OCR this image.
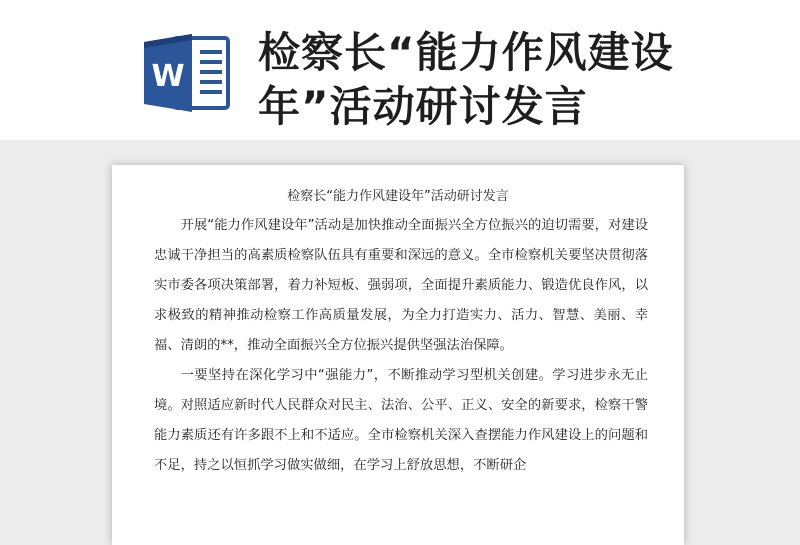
W 检察长“能力作风建设年”活动研讨发言
检察长“能力作风建设年”活动研讨发言

开展“能力作风建设年”活动是加快推动全面振兴全方位振兴的迫切需要，对建设忠诚干净担当的高素质检察队伍具有重要和深远的意义。全市检察机关要坚决贯彻落实市委各项决策部署，着力补短板、强弱项，全面提升素质能力、锻造优良作风，以求极致的精神推动检察工作高质量发展，为全力打造实力、活力、智慧、美丽、幸福、清朗的**，推动全面振兴全方位振兴提供坚强法治保障。

一要坚持在深化学习中“强能力”，不断推动学习型机关创建。学习进步永无止境。对照适应新时代人民群众对民主、法治、公平、正义、安全的新要求，检察干警能力素质还有许多跟不上和不适应。全市检察机关深入查摆能力作风建设上的问题和不足，持之以恒抓学习做实做细，在学习上舒放思想，不断研企
